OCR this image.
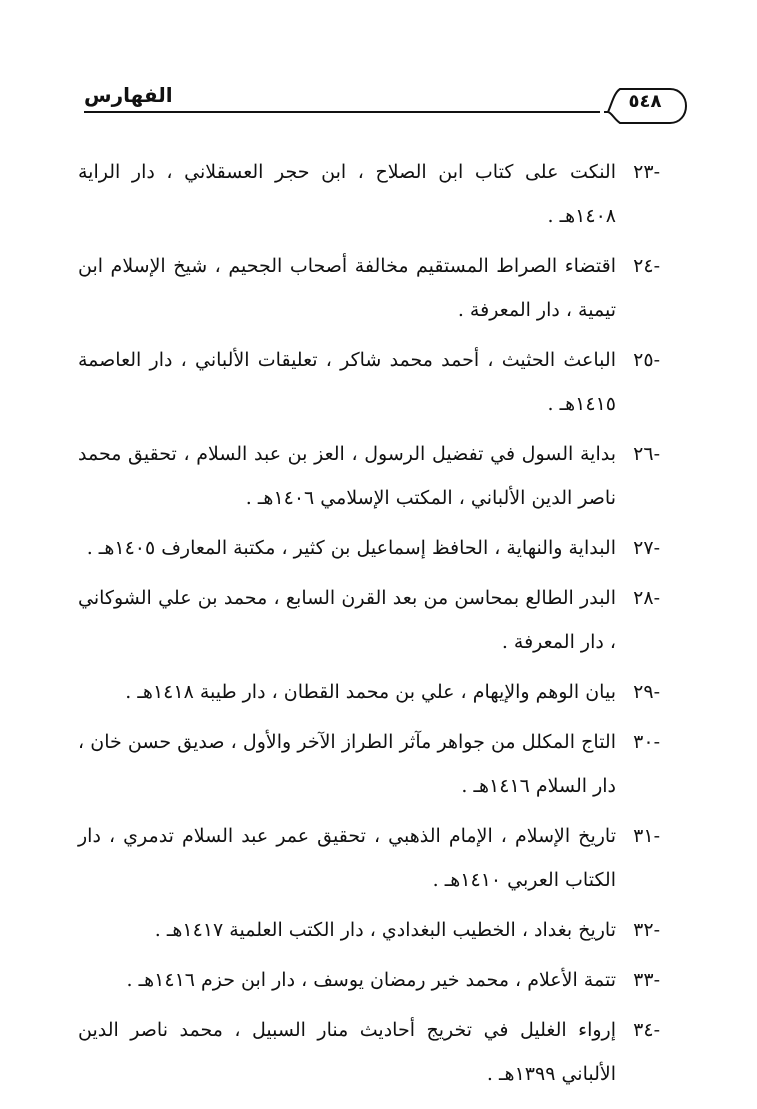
الفهارس	٥٤٨

-٢٣
النكت على كتاب ابن الصلاح ، ابن حجر العسقلاني ، دار الراية ١٤٠٨هـ .

-٢٤
اقتضاء الصراط المستقيم مخالفة أصحاب الجحيم ، شيخ الإسلام ابن تيمية ، دار المعرفة .

-٢٥
الباعث الحثيث ، أحمد محمد شاكر ، تعليقات الألباني ، دار العاصمة ١٤١٥هـ .

-٢٦
بداية السول في تفضيل الرسول ، العز بن عبد السلام ، تحقيق محمد ناصر الدين الألباني ، المكتب الإسلامي ١٤٠٦هـ .

-٢٧
البداية والنهاية ، الحافظ إسماعيل بن كثير ، مكتبة المعارف ١٤٠٥هـ .

-٢٨
البدر الطالع بمحاسن من بعد القرن السابع ، محمد بن علي الشوكاني ، دار المعرفة .

-٢٩
بيان الوهم والإيهام ، علي بن محمد القطان ، دار طيبة ١٤١٨هـ .

-٣٠
التاج المكلل من جواهر مآثر الطراز الآخر والأول ، صديق حسن خان ، دار السلام ١٤١٦هـ .

-٣١
تاريخ الإسلام ، الإمام الذهبي ، تحقيق عمر عبد السلام تدمري ، دار الكتاب العربي ١٤١٠هـ .

-٣٢
تاريخ بغداد ، الخطيب البغدادي ، دار الكتب العلمية ١٤١٧هـ .

-٣٣
تتمة الأعلام ، محمد خير رمضان يوسف ، دار ابن حزم ١٤١٦هـ .

-٣٤
إرواء الغليل في تخريج أحاديث منار السبيل ، محمد ناصر الدين الألباني ١٣٩٩هـ .
